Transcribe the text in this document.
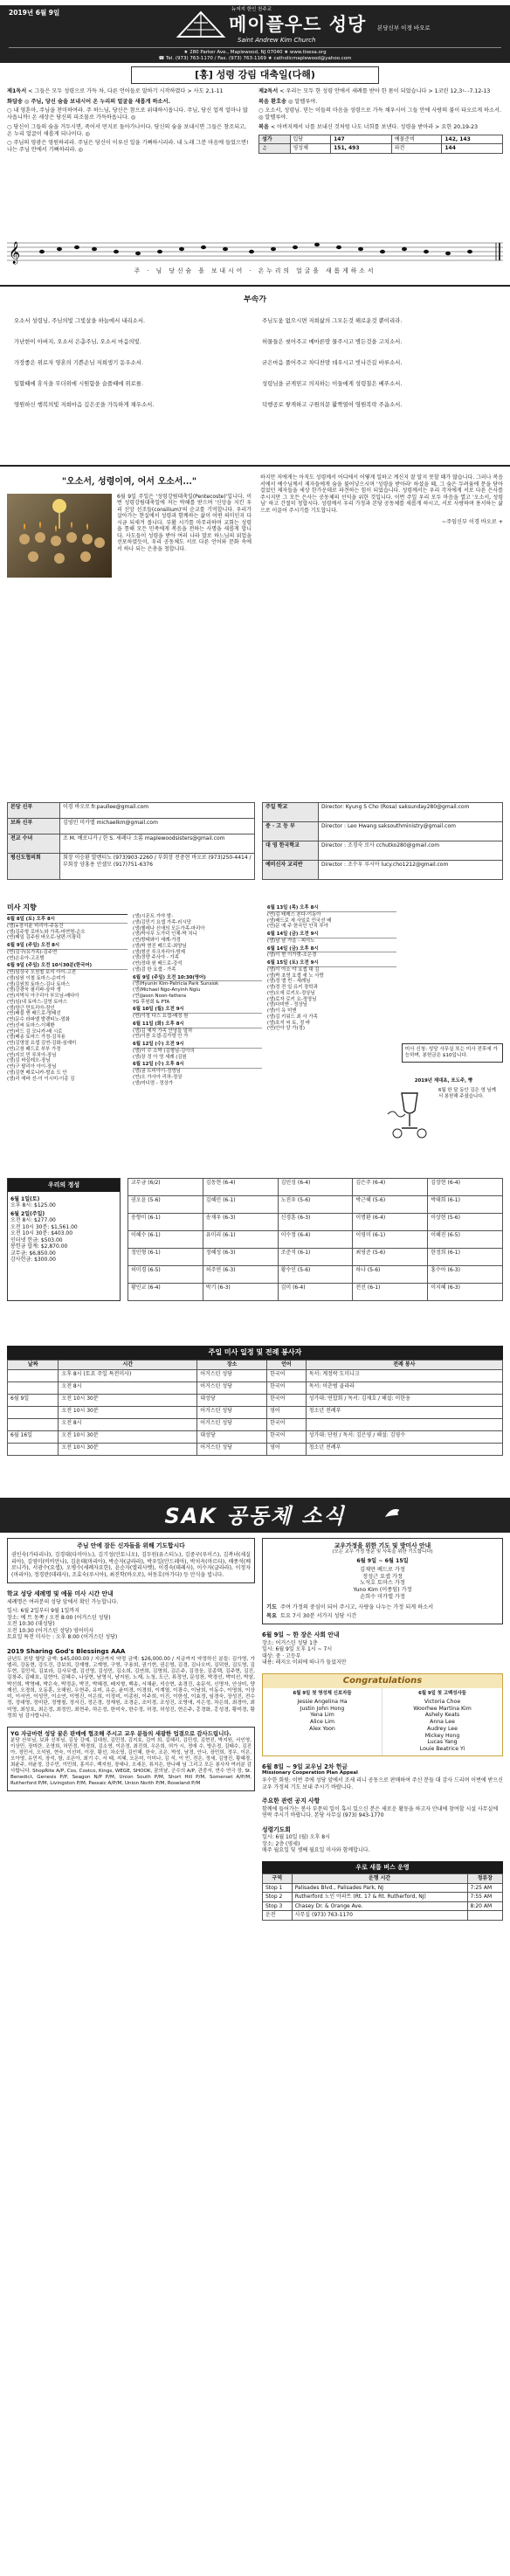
2019년 6월 9일	뉴저지 한인 천주교
메이플우드 성당
Saint Andrew Kim Church
본당신부 이경 바오로
★ 280 Parker Ave., Maplewood, NJ 07040 ★ www.tisesa.org
☎ Tel. (973) 763-1170 / Fax. (973) 763-1169 ★ catholicmaplewood@yahoo.com
[홍] 성령 강림 대축일(다해)

제1독서 < 그들은 모두 성령으로 가득 차, 다른 언어들로 말하기 시작하였다 > 사도 2,1-11

화답송 ◎ 주님, 당신 숨을 보내시어 온 누리의 얼굴을 새롭게 하소서.

○ 내 영혼아, 주님을 찬미하여라. 주 하느님, 당신은 참으로 위대하시옵니다. 주님, 당신 업적 얼마나 많사옵니까! 온 세상은 당신의 피조물로 가득하옵니다. ◎

○ 당신이 그들의 숨을 거두시면, 죽어서 먼지로 돌아가나이다. 당신의 숨을 보내시면 그들은 창조되고, 온 누리 얼굴이 새롭게 되나이다. ◎

○ 주님의 영광은 영원하리라. 주님은 당신이 이루신 일을 기뻐하시리라. 내 노래 그분 마음에 들었으면! 나는 주님 안에서 기뻐하리라. ◎

제2독서 < 우리는 모두 한 성령 안에서 세례를 받아 한 몸이 되었습니다 > 1코린 12,3ㄴ-7.12-13

복음 환호송 ◎ 알렐루야.

○ 오소서, 성령님. 믿는 이들의 마음을 성령으로 가득 채우시어 그들 안에 사랑의 불이 타오르게 하소서. ◎ 알렐루야.

복음 < 아버지께서 너를 보내신 것처럼 나도 너희를 보낸다. 성령을 받아라 > 요한 20,19-23

성가	입당	147	예물준비	142, 143
♫	영성체	151, 493	파견	144
𝄞
주 · 님 당신숨 을 보내시어 · 온누리의 얼굴을 새롭게하소서
부속가

오소서 성령님, 주님의빛 그빛살을 하늘에서 내리소서.

가난한이 아버지, 오소서 은총주님, 오소서 마음의빛.

가장좋은 위로자 영혼의 기쁜손님 저희생기 돋우소서.

일할때에 휴식을 무더위에 시원함을 슬플때에 위로를.

영원하신 행복의빛 저희마음 깊은곳을 가득하게 채우소서.

주님도움 없으시면 저희삶의 그모든것 해로운것 뿐이리라.

허물들은 씻어주고 메마른땅 물주시고 병든것을 고치소서.

굳은마음 풀어주고 차디찬맘 데우시고 빗나간길 바루소서.

성령님을 굳게믿고 의지하는 이들에게 성령칠은 베푸소서.

덕행공로 쌓게하고 구원의문 활짝열어 영원복락 주옵소서.

"오소서, 성령이여, 어서 오소서..."

6월 9일 주일은 '성령강림대축일(Pentecoste)'입니다. 이번 성령강림대축일에 저는 박해를 받으며 '신앙을 지킨 우리 신앙 선조들(consilium)'의 순교를 기억합니다. 우리가 살아가는 현실에서 성령과 함께하는 삶이 어떤 의미인지 다시금 되새겨 봅니다. 부활 시기를 마무리하며 교회는 성령을 통해 모든 민족에게 복음을 전하는 사명을 새롭게 합니다. 사도들이 성령을 받아 여러 나라 말로 하느님의 위업을 선포하였듯이, 우리 공동체도 서로 다른 언어와 문화 속에서 하나 되는 은총을 청합니다.

하지만 저에게는 아직도 성령께서 어디에서 어떻게 일하고 계신지 잘 알지 못할 때가 많습니다. 그러나 복음서에서 예수님께서 제자들에게 숨을 불어넣으시며 '성령을 받아라' 하셨을 때, 그 숨은 두려움에 문을 닫아걸었던 제자들을 세상 한가운데로 파견하는 힘이 되었습니다. 성령께서는 우리 각자에게 서로 다른 은사를 주시지만 그 모든 은사는 공동체의 선익을 위한 것입니다. 이번 주일 우리 모두 마음을 열고 '오소서, 성령님' 하고 간절히 청합시다. 성령께서 우리 가정과 본당 공동체를 새롭게 하시고, 서로 사랑하며 용서하는 삶으로 이끌어 주시기를 기도합니다.

~주임신부 이경 바오로 +

본당 신부	이경 바오로 fr.paullee@gmail.com
보좌 신부	김영민 미카엘 michaelkm@gmail.com
전교 수녀	조 M. 베로니카 / 한 S. 세레나 소롬 maplewoodsisters@gmail.com
평신도협의회	회장 이승환 발렌티노 (973)903-2260 / 부회장 전중현 바오로 (973)250-4414 / 부회장 양홍용 안셀모 (917)751-6376
주일 학교	Director: Kyung S Cho (Rosa) saksunday280@gmail.com
중 · 고 등 부	Director : Leo Hwang saksouthministry@gmail.com
대 영 한국학교	Director : 조경숙 로사 cchutko280@gmail.com
예비신자 교리반	Director : 조수우 루시아 lucy.cho1212@gmail.com
미사 지향
6월 8일 (토) 오후 8시
(생)+장서윤 마리아-주동건
(생)김주형 로마노와 가족-마연명-순오
(연)메일 김주원 바오로-남편-이광덕
6월 9일 (주일) 오전 8시
(연)김구(유가족)-김주연
(연)손유아-고조범
6월 9일 (주일) 오전 10시30분(한국어)
(연)임상국 오천철 보석 아이-고전
(생)임원 이철 토마스-순미가
(생)김원희 토마스-김나 토마스
(생)강광욱 필리파-숲마 생
(연)지박식 아구리아 부모님-배다아
(연)임(내 토마스-김영 토마스
(생)양근 만트리아-장인
(연)배불 앤 배드로-명태선
(연)문수 라파엘 발렌티노-엄화
(연)선씨 토마스-이혜환
(연)비드 김 모니카-배 시로
(생)배송 토마스 가정-김치용
(연)김영열 요셉 김연-김화-심예미
(연)고창 페드로 부부 가정
(연)지브 민 루치아-장님
(생)김 바실레오-장님
(연)구 탈리아 아이-장님
(생)김현 베로니카-발쇼 도 안
(생)리 에바 선-이 이시미-이종 김
(생)시몬트 가야 발-
(생)김민기 요셉 가족-러시당
(생)헬레나 신애의 모든가족-마리아
(생)박사무 노가덕 인체-박 치니
(연)방태와이 세례-가경
(생)박 현진 베드로-최양님
(생)형선 루크자리아-방제
(생)정양 주사아 - 가족
(연)정대 원 베드로-강석
(생)검 한 요셉 - 가족
6월 9일 (주일) 오전 10:30(영어)
(생)Hyunin Kim-Patricia Park Sunsiok
(생)Michael Ngo-Anyinh Nglu
(연)Jason Noon-fathera
YG 후원회 & PTA
6월 10일 (월) 오전 9시
(연)이정 다스 요셉-배정 원
6월 11일 (화) 오후 8시
(생)김 예자 가족 안녕들 말하
(연)이찬 요셉-김가영 안 가
6월 12일 (수) 오전 9시
(생)이 수 소박 (김형님-김아의
(생)장 정 아 영 세례 (김원
6월 12일 (수) 오후 8시
(생)권 트비아이-정영님
(연)오 가사아 리하-정상
(생)미디엄 - 정상가
6월 13일 (목) 오후 8시
(연)김 테레스 본다-이동아
(생)배드로 세 사일로 민국선 배
(연)문 예 주 한국인 안치 루아
6월 14일 (금) 오전 9시
(생)남 남 가을 - 피아노
6월 14일 (금) 오후 8시
(생)이 현 이가렛-조은경
6월 15일 (토) 오전 9시
(생)이 아소 야 요셉 대 김
(생)박 초영 요셉 세 노 사랑
(생)정 엘 빈 - 세례님
(생)정 전 일 유키 장학과
(연)오에 로키오-정상님
(생)로자 로키 요-정영님
(생)다미앤 - 정상님
(생)이 유 미앤
(생)김 키워드 최 사 가족
(생)호지 씨 토, 정 바
(연)안아 앙 가(정)
미사 신청: 성당 사무실 또는 미사 전후에 가능하며, 봉헌금은 $10입니다.
2019년 제대초, 포도주, 빵
6월 한 달 동안 김은 영 님께서 봉헌해 주셨습니다.
우리의 정성
6월 1일(토)
오후 8시: $125.00
6월 2일(주일)
오전 8시: $277.00
오전 10시 30분: $1,561.00
오전 10시 30분: $403.00
인터넷 헌금: $503.00
봉헌금 합계: $2,870.00
교무금: $6,850.00
감사헌금: $300.00
교무금 (6/2)	김동현 (6-4)	김민성 (6-4)	김은주 (6-4)	김장현 (6-4)
권오윤 (5-6)	김혜민 (6-1)	노진우 (5-6)	박근혜 (5-6)	박태희 (6-1)
송향미 (6-1)	송재우 (6-3)	신경훈 (6-3)	이명환 (6-4)	이상현 (5-6)
이혜수 (6-1)	유미리 (6-1)	이수정 (6-4)	이영미 (6-1)	이혜진 (6-5)
정민형 (6-1)	정혜성 (6-3)	조준석 (6-1)	최영준 (5-6)	한정희 (6-1)
허미경 (6-5)	허주연 (6-3)	황수인 (5-6)	하나 (5-6)	홍수아 (6-3)
황인교 (6-4)	박기 (6-3)	김미 (6-4)	전선 (6-1)	이지혜 (6-3)
주일 미사 일정 및 전례 봉사자
날짜	시간	장소	언어	전례 봉사
	오후 8시 (토요 주일 특전미사)	어거스틴 성당	한국어	독서: 계정락 도미니크
	오전 8시	어거스틴 성당	한국어	독서: 이춘범 골라라
6월 9일	오전 10시 30분	대성당	한국어	성가대: 연합회 / 독서: 김재호 / 해설: 이한웅
	오전 10시 30분	어거스틴 성당	영어	청소년 전례부
	오전 8시	어거스틴 성당	한국어	
6월 16일	오전 10시 30분	대성당	한국어	성가대: 단원 / 독서: 김은영 / 해설: 김영수
	오전 10시 30분	어거스틴 성당	영어	청소년 전례부
SAK 공동체 소식
주님 안에 잠든 신자들을 위해 기도합시다

권인숙(가타리나), 김경대(다미아노), 김기성(안토니오), 김두원(유스티노), 김중구(루이스), 김복녀(세실리아), 김영미(비비안나), 김윤태(마리아), 박순자(글라라), 박우일(안드레아), 박치옥(마르타), 배종석(베로니카), 서광수(요셉), 오병수(세례자요한), 윤순자(엘리사벳), 이경숙(데레사), 이수자(글라라), 이정자(마리아), 정경란(데레사), 조효숙(루시아), 최진학(바오로), 허동호(아가다) 등 안식을 빕니다.

학교 성당 세례명 및 예물 미사 시간 안내

세례명은 여러분의 성당 앞에서 확인 가능합니다.

일시: 6월 2일부터 9월 1일까지
장소: 예 트 동쪽 / 오전 8:00 (어거스틴 성당)
오전 10:30 (대성당)
오전 10:30 (어거스틴 성당) 영어미사
토요일 특전 미사는 : 오후 8:00 (어거스틴 성당)

2019 Sharing God's Blessings AAA

금년도 본당 할당 금액: $45,000.00 / 지금까지 약정 금액: $26,000.00 / 지금까지 약정하신 분들: 김가영, 가엘리, 강동현, 강도건, 강보희, 강재형, 고계영, 구영, 구용희, 권기현, 권은영, 김경, 김나오미, 김덕헌, 김도영, 김두현, 김민석, 김보라, 김사무엘, 김선영, 김성민, 김소희, 김연희, 김영희, 김은주, 김정웅, 김종택, 김주현, 김진, 김창주, 김태호, 김현아, 김혜수, 나상현, 남영식, 남지원, 노재, 노청, 도근, 류정연, 문성찬, 박경선, 박미선, 박삼, 박선희, 박영배, 박은숙, 박정운, 박진, 박혜경, 배지형, 백송, 서채윤, 석승현, 송경진, 송문석, 신명자, 안상미, 양재선, 오경희, 오동훈, 오해원, 우현주, 유미, 유순, 윤미경, 이경희, 이계열, 이광수, 이남희, 이동수, 이명희, 이상미, 이서연, 이성민, 이소연, 이영진, 이은희, 이정미, 이종원, 이주희, 이진, 이한성, 이효정, 임경숙, 장성진, 전수정, 정대영, 정미란, 정병철, 정서진, 정은경, 정재원, 조경순, 조미경, 조성진, 조영애, 지은정, 차은희, 최경아, 최미영, 최성호, 최은정, 최정민, 최현주, 하은정, 한미숙, 한수정, 허경, 허성진, 현은주, 홍경화, 홍성경, 황미경, 황정희 님 감사합니다.

YG 자금마련 성당 꿀은 판매에 협조해 주시고 교우 분들의 새광한 업결으로 감사드립니다.

분당 산부님, 보좌 신부님, 김상 강예, 김대원, 김민정, 김지호, 김여 희, 김혜리, 김민성, 김현진, 박지원, 서인영, 이상민, 장미란, 조영희, 허민경, 박경희, 김소영, 이은정, 최진희, 우은희, 허가 시, 정애 수, 방은정, 김태수, 김진아, 정민서, 오석원, 현숙, 이선미, 이장, 황선, 차소영, 김인혜, 한숙, 조은, 박성, 남경, 안나, 장민희, 정우, 이은, 오아영, 유민지, 장석, 함, 조은아, 최기 수, 서 태, 지혜, 오은미, 이미나, 김 석, 이 빈, 전은, 정세, 김영진, 황혜경, 최윤주, 허윤정, 강수민, 이민희, 홍지수, 백지원, 장예나, 오세은, 류지은, 한나래 님 그리고 모든 봉사자 여러분 감사합니다. ShopRite A/P, Cos, Costco, Kings, WEGE, SHOOK, 꿈의날, 군수의 A/P, 관중서, 연수 연극 장, St. Benedict, Genesis P/P, Seagon N/P P/M, Union South P/M, Short Hill P/M, Somerset A/P/M, Rutherford P/M, Livingston P/M, Passaic A/P/M, Union North P/M, Roseland P/M

교우가정을 위한 기도 및 방미사 안내
(모든 교우 가정 방문 및 사목을 위한 기도합니다)
6월 9일 ~ 6월 15일
김재만 베드로 가정
정성근 요셉 가정
노석호 토마스 가정
Yuno Kim (이종임) 가정
손희수 미카엘 가정
기도 주여 가정의 중심이 되어 주시고, 사랑을 나누는 가정 되게 하소서
목요 토요 7시 30분 서가지 성당 시간
6월 9일 ~ 한 장은 사회 안내

장소: 어거스틴 성당 1층
일시: 6월 9일 오후 1시 ~ 7시
대상: 중 · 고등부
내용: 레지오 이외에 떠나가 들었지만

Congratulations
6월 9일 첫 영성체 신보자들
Jessie Angelina Ha
Justin John Hong
Yena Lim
Alice Lim
Alex Yoon
6월 9일 첫 고백성사들
Victoria Choe
Woorhee Martina Kim
Ashely Keats
Anna Lee
Audrey Lee
Mickey Hong
Lucas Yang
Louie Beatrice Yi
6월 8일 ~ 9일 교우님 2차 헌금
Missionary Cooperation Plan Appeal

우수한 회원: 이번 주에 성당 앞에서 조세 리니 공동으로 판매하여 주신 분들 대 감사 드리며 이번에 받으신 교우 가정의 기도 보내 주시기 바랍니다.

주요한 관련 공지 사항

함께에 들어가는 봉사 부문의 일이 혹시 있으신 분은 새로운 활동을 하고자 안내에 참여할 시설 사무실에 연락 주시기 바랍니다. 본당 사무실 (973) 943-1770

성령기도회

일시: 6월 10일 (월) 오후 8시
장소: 2층 (영세)
매주 월요일 및 셋째 월요일 미사와 함께합니다.

우로 새롭 버스 운영
구역	운행 시간	정류장
Stop 1	Palisades Blvd., Palisades Park, NJ	7:25 AM
Stop 2	Rutherford 노인 아파트 (Rt. 17 & Rt. Rutherford, NJ)	7:55 AM
Stop 3	Chasey Dr. & Orange Ave.	8:20 AM
운전	사무실 (973) 763-1170	
